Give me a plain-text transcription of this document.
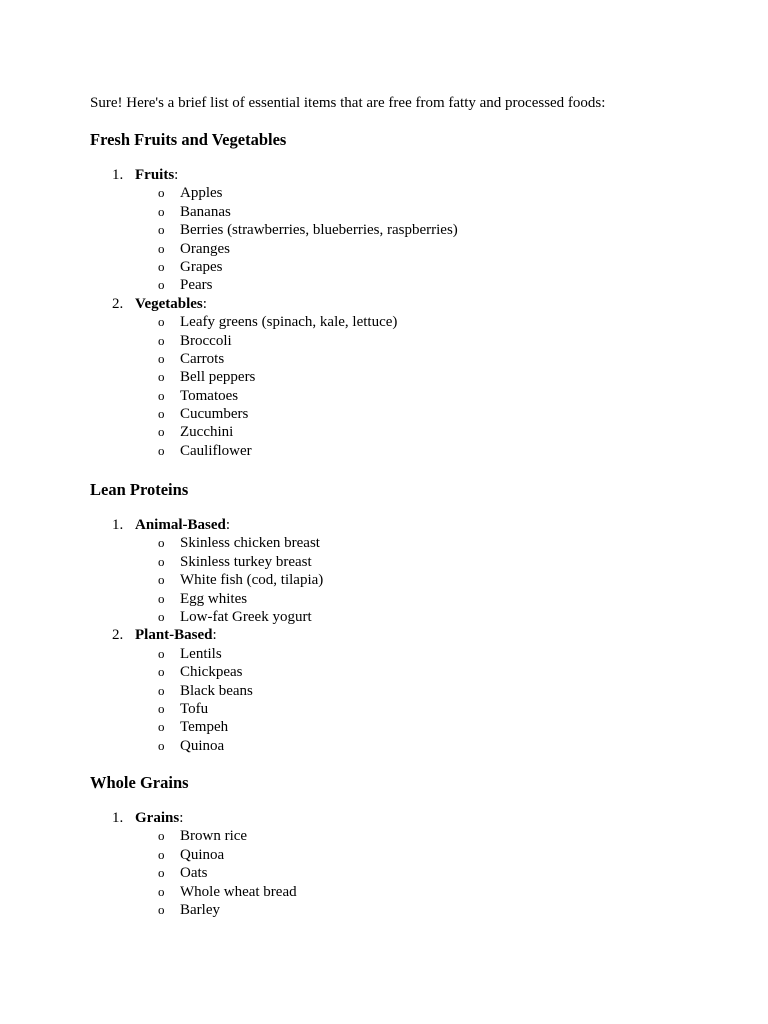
Sure! Here's a brief list of essential items that are free from fatty and processed foods:

Fresh Fruits and Vegetables
1. Fruits:
o Apples
o Bananas
o Berries (strawberries, blueberries, raspberries)
o Oranges
o Grapes
o Pears
2. Vegetables:
o Leafy greens (spinach, kale, lettuce)
o Broccoli
o Carrots
o Bell peppers
o Tomatoes
o Cucumbers
o Zucchini
o Cauliflower
Lean Proteins
1. Animal-Based:
o Skinless chicken breast
o Skinless turkey breast
o White fish (cod, tilapia)
o Egg whites
o Low-fat Greek yogurt
2. Plant-Based:
o Lentils
o Chickpeas
o Black beans
o Tofu
o Tempeh
o Quinoa
Whole Grains
1. Grains:
o Brown rice
o Quinoa
o Oats
o Whole wheat bread
o Barley
